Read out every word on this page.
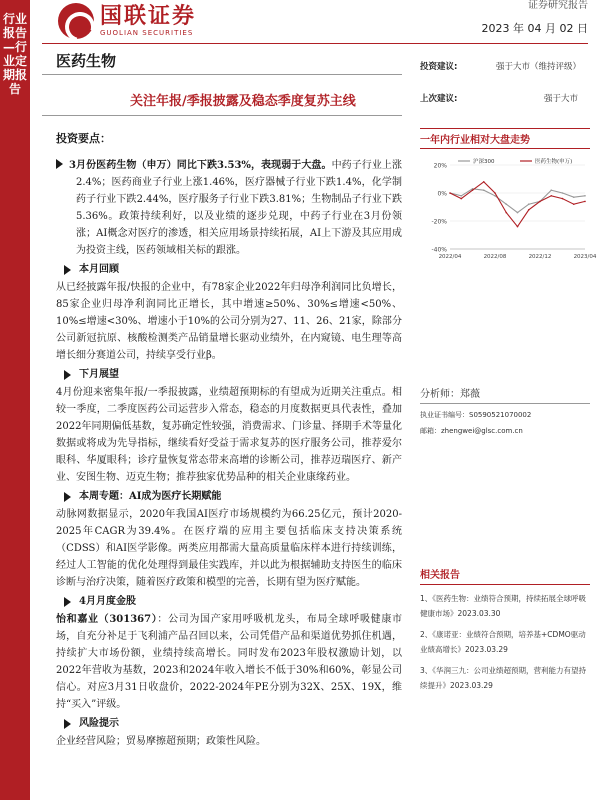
行业报告—行业定期报告
国联证券
GUOLIAN SECURITIES
证券研究报告
2023 年 04 月 02 日
医药生物
关注年报/季报披露及稳态季度复苏主线
投资建议:	强于大市（维持评级）
上次建议:	强于大市

投资要点：

3月份医药生物（申万）同比下跌3.53%，表现弱于大盘。中药子行业上涨2.4%；医药商业子行业上涨1.46%，医疗器械子行业下跌1.4%，化学制药子行业下跌2.44%，医疗服务子行业下跌3.81%；生物制品子行业下跌5.36%。政策持续利好，以及业绩的逐步兑现，中药子行业在3月份领涨；AI概念对医疗的渗透，相关应用场景持续拓展，AI上下游及其应用成为投资主线，医药领域相关标的跟涨。

本月回顾

从已经披露年报/快报的企业中，有78家企业2022年归母净利润同比负增长，85家企业归母净利润同比正增长，其中增速≥50%、30%≤增速<50%、10%≤增速<30%、增速小于10%的公司分别为27、11、26、21家，除部分公司新冠抗原、核酸检测类产品销量增长驱动业绩外，在内窥镜、电生理等高增长细分赛道公司，持续享受行业β。

下月展望

4月份迎来密集年报/一季报披露，业绩超预期标的有望成为近期关注重点。相较一季度，二季度医药公司运营步入常态，稳态的月度数据更具代表性，叠加2022年同期偏低基数，复苏确定性较强，消费需求、门诊量、择期手术等量化数据或将成为先导指标，继续看好受益于需求复苏的医疗服务公司，推荐爱尔眼科、华厦眼科；诊疗量恢复常态带来高增的诊断公司，推荐迈瑞医疗、新产业、安图生物、迈克生物；推荐独家优势品种的相关企业康缘药业。

本周专题：AI成为医疗长期赋能

动脉网数据显示，2020年我国AI医疗市场规模约为66.25亿元，预计2020-2025年CAGR为39.4%。在医疗端的应用主要包括临床支持决策系统（CDSS）和AI医学影像。两类应用都需大量高质量临床样本进行持续训练，经过人工智能的优化处理得到最佳实践库，并以此为根据辅助支持医生的临床诊断与治疗决策，随着医疗政策和模型的完善，长期有望为医疗赋能。

4月月度金股

怡和嘉业（301367）：公司为国产家用呼吸机龙头，布局全球呼吸健康市场，自充分补足于飞利浦产品召回以来，公司凭借产品和渠道优势抓住机遇，持续扩大市场份额，业绩持续高增长。同时发布2023年股权激励计划，以2022年营收为基数，2023和2024年收入增长不低于30%和60%，彰显公司信心。对应3月31日收盘价，2022-2024年PE分别为32X、25X、19X，维持“买入”评级。

风险提示

企业经营风险；贸易摩擦超预期；政策性风险。

一年内行业相对大盘走势
20%
0%
-20%
-40%
2022/04	2022/08	2022/12	2023/04
沪深300	医药生物(申万)
分析师：郑薇
执业证书编号：S0590521070002
邮箱：zhengwei@glsc.com.cn
相关报告
1、《医药生物：业绩符合预期，持续拓展全球呼吸健康市场》2023.03.30
2、《康诺亚：业绩符合预期，培养基+CDMO驱动业绩高增长》2023.03.29
3、《华润三九：公司业绩超预期，营利能力有望持续提升》2023.03.29
